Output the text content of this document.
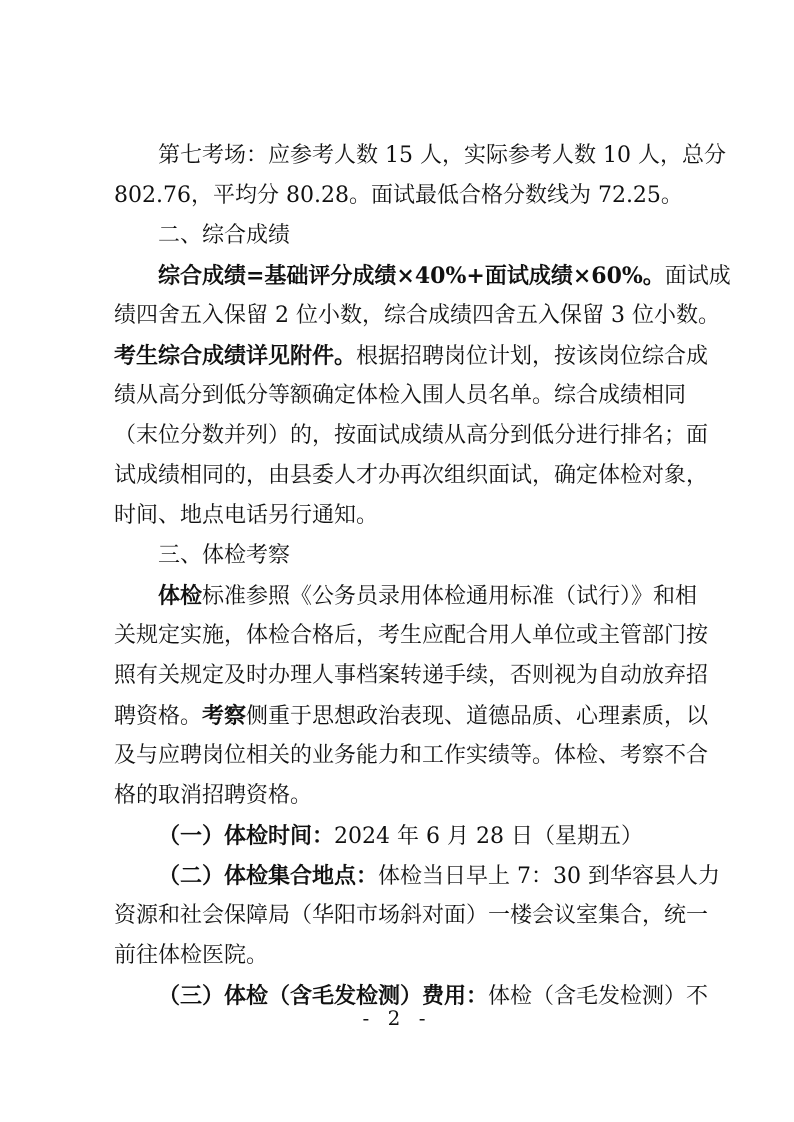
第七考场：应参考人数 15 人，实际参考人数 10 人，总分
802.76，平均分 80.28。面试最低合格分数线为 72.25。
二、综合成绩
综合成绩=基础评分成绩×40%+面试成绩×60%。面试成
绩四舍五入保留 2 位小数，综合成绩四舍五入保留 3 位小数。
考生综合成绩详见附件。根据招聘岗位计划，按该岗位综合成
绩从高分到低分等额确定体检入围人员名单。综合成绩相同
（末位分数并列）的，按面试成绩从高分到低分进行排名；面
试成绩相同的，由县委人才办再次组织面试，确定体检对象，
时间、地点电话另行通知。
三、体检考察
体检标准参照《公务员录用体检通用标准（试行）》和相
关规定实施，体检合格后，考生应配合用人单位或主管部门按
照有关规定及时办理人事档案转递手续，否则视为自动放弃招
聘资格。考察侧重于思想政治表现、道德品质、心理素质，以
及与应聘岗位相关的业务能力和工作实绩等。体检、考察不合
格的取消招聘资格。
（一）体检时间：2024 年 6 月 28 日（星期五）
（二）体检集合地点：体检当日早上 7：30 到华容县人力
资源和社会保障局（华阳市场斜对面）一楼会议室集合，统一
前往体检医院。
（三）体检（含毛发检测）费用：体检（含毛发检测）不
- 2 -
